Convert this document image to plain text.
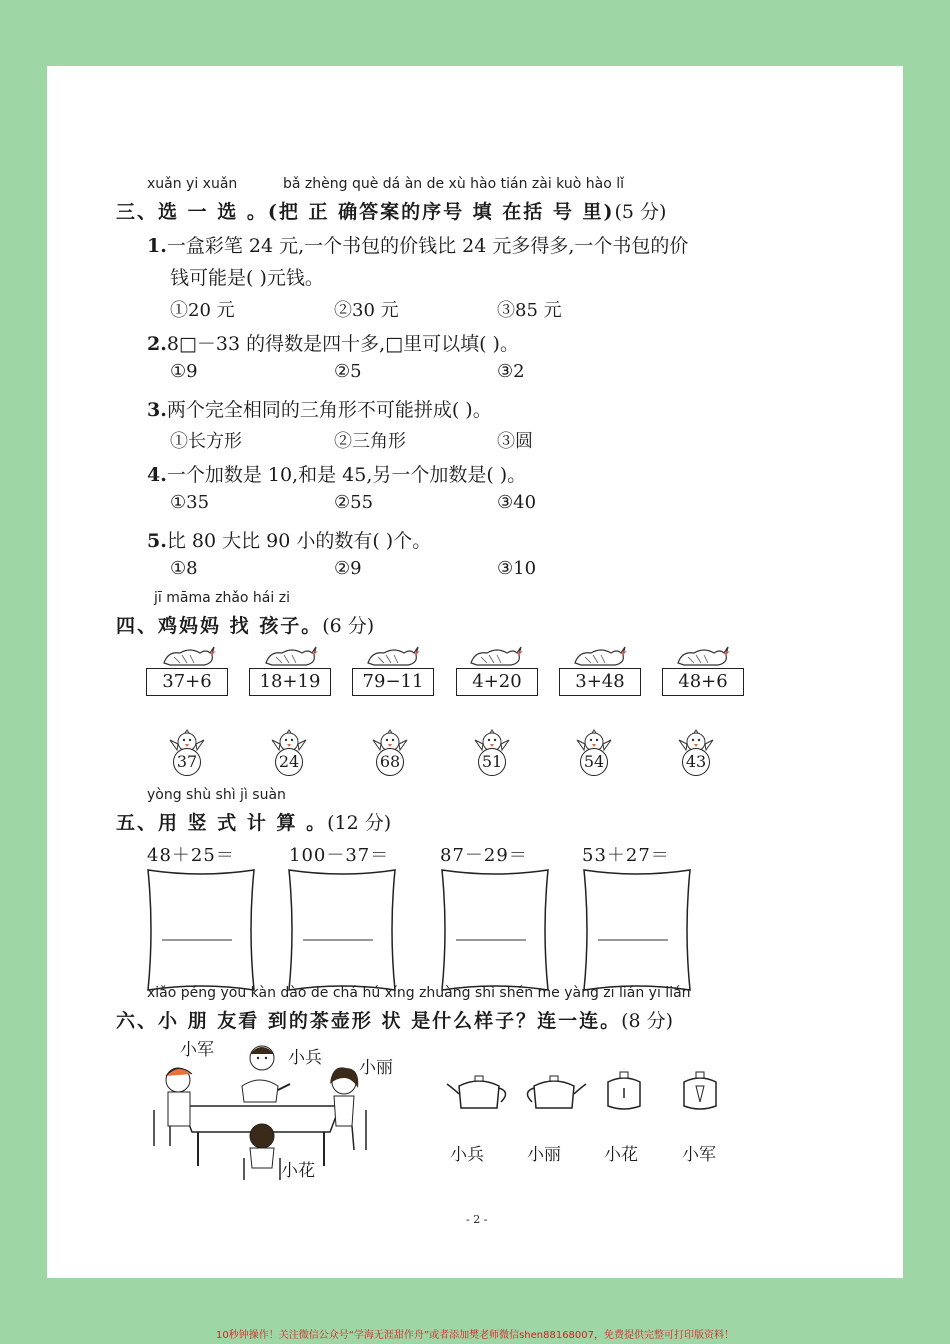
xuǎn yi xuǎn	bǎ zhèng què dá àn de xù hào tián zài kuò hào lǐ
三、选 一 选 。(把 正 确答案的序号 填 在括 号 里)(5 分)
1.一盒彩笔 24 元,一个书包的价钱比 24 元多得多,一个书包的价
钱可能是( )元钱。
①20 元	②30 元	③85 元
2.8□－33 的得数是四十多,□里可以填( )。
①9	②5	③2
3.两个完全相同的三角形不可能拼成( )。
①长方形	②三角形	③圆
4.一个加数是 10,和是 45,另一个加数是( )。
①35	②55	③40
5.比 80 大比 90 小的数有( )个。
①8	②9	③10
jī māma zhǎo hái zi
四、鸡妈妈 找 孩子。(6 分)
37+6	18+19	79−11	4+20	3+48	48+6
37	24	68	51	54	43
yòng shù shì jì suàn
五、用 竖 式 计 算 。(12 分)
48＋25＝	100－37＝	87－29＝	53＋27＝
xiǎo péng you kàn dào de chá hú xíng zhuàng shì shén me yàng zi lián yi lián
六、小 朋 友看 到的茶壶形 状 是什么样子？连一连。(8 分)
小军	小兵 小丽
小花
小兵	小丽	小花	小军
- 2 -
10秒钟操作！关注微信公众号“学海无涯甜作舟”或者添加樊老师微信shen88168007，免费提供完整可打印版资料！
